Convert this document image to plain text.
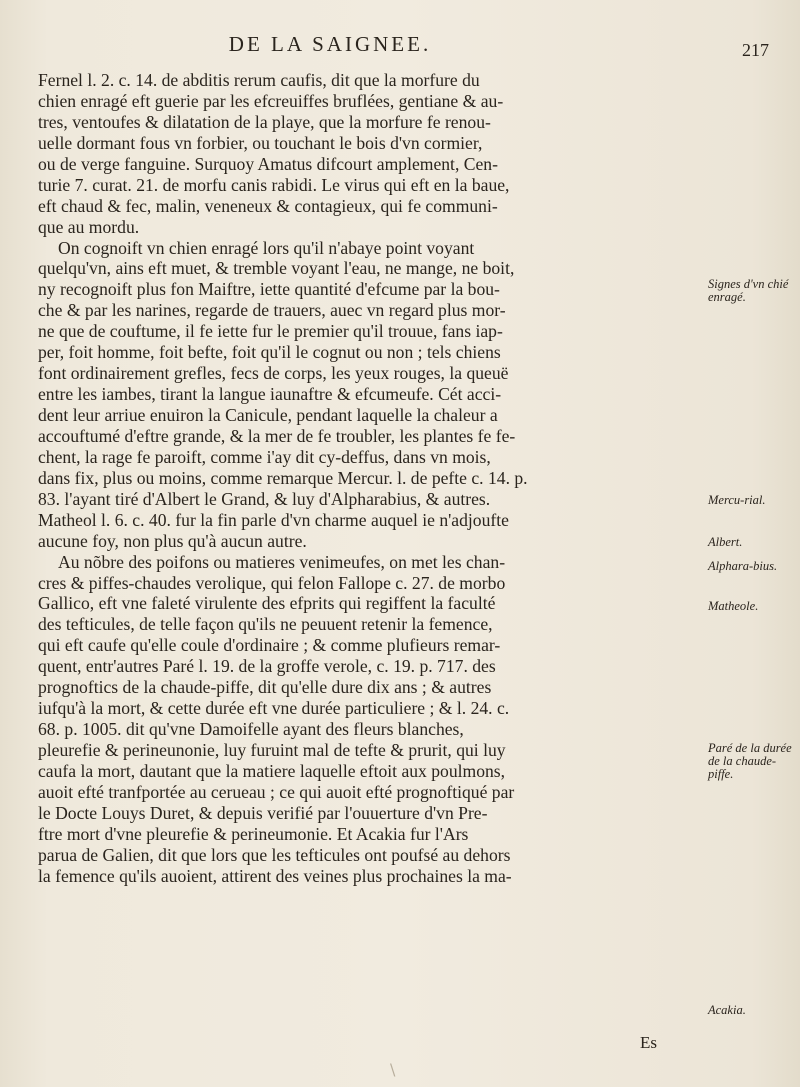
DE LA SAIGNEE.	217
Fernel l. 2. c. 14. de abditis rerum caufis, dit que la morfure du
chien enragé eft guerie par les efcreuiffes bruflées, gentiane & au-
tres, ventoufes & dilatation de la playe, que la morfure fe renou-
uelle dormant fous vn forbier, ou touchant le bois d'vn cormier,
ou de verge fanguine. Surquoy Amatus difcourt amplement, Cen-
turie 7. curat. 21. de morfu canis rabidi. Le virus qui eft en la baue,
eft chaud & fec, malin, veneneux & contagieux, qui fe communi-
que au mordu.
On cognoift vn chien enragé lors qu'il n'abaye point voyant
quelqu'vn, ains eft muet, & tremble voyant l'eau, ne mange, ne boit,
ny recognoift plus fon Maiftre, iette quantité d'efcume par la bou-
che & par les narines, regarde de trauers, auec vn regard plus mor-
ne que de couftume, il fe iette fur le premier qu'il trouue, fans iap-
per, foit homme, foit befte, foit qu'il le cognut ou non ; tels chiens
font ordinairement grefles, fecs de corps, les yeux rouges, la queuë
entre les iambes, tirant la langue iaunaftre & efcumeufe. Cét acci-
dent leur arriue enuiron la Canicule, pendant laquelle la chaleur a
accouftumé d'eftre grande, & la mer de fe troubler, les plantes fe fe-
chent, la rage fe paroift, comme i'ay dit cy-deffus, dans vn mois,
dans fix, plus ou moins, comme remarque Mercur. l. de pefte c. 14. p.
83. l'ayant tiré d'Albert le Grand, & luy d'Alpharabius, & autres.
Matheol l. 6. c. 40. fur la fin parle d'vn charme auquel ie n'adjoufte
aucune foy, non plus qu'à aucun autre.
Au nõbre des poifons ou matieres venimeufes, on met les chan-
cres & piffes-chaudes verolique, qui felon Fallope c. 27. de morbo
Gallico, eft vne faleté virulente des efprits qui regiffent la faculté
des tefticules, de telle façon qu'ils ne peuuent retenir la femence,
qui eft caufe qu'elle coule d'ordinaire ; & comme plufieurs remar-
quent, entr'autres Paré l. 19. de la groffe verole, c. 19. p. 717. des
prognoftics de la chaude-piffe, dit qu'elle dure dix ans ; & autres
iufqu'à la mort, & cette durée eft vne durée particuliere ; & l. 24. c.
68. p. 1005. dit qu'vne Damoifelle ayant des fleurs blanches,
pleurefie & perineunonie, luy furuint mal de tefte & prurit, qui luy
caufa la mort, dautant que la matiere laquelle eftoit aux poulmons,
auoit efté tranfportée au cerueau ; ce qui auoit efté prognoftiqué par
le Docte Louys Duret, & depuis verifié par l'ouuerture d'vn Pre-
ftre mort d'vne pleurefie & perineumonie. Et Acakia fur l'Ars
parua de Galien, dit que lors que les tefticules ont poufsé au dehors
la femence qu'ils auoient, attirent des veines plus prochaines la ma-
Signes d'vn chié enragé.
Mercu-rial.
Albert.
Alphara-bius.
Matheole.
Paré de la durée de la chaude-piffe.
Acakia.
Es
\
